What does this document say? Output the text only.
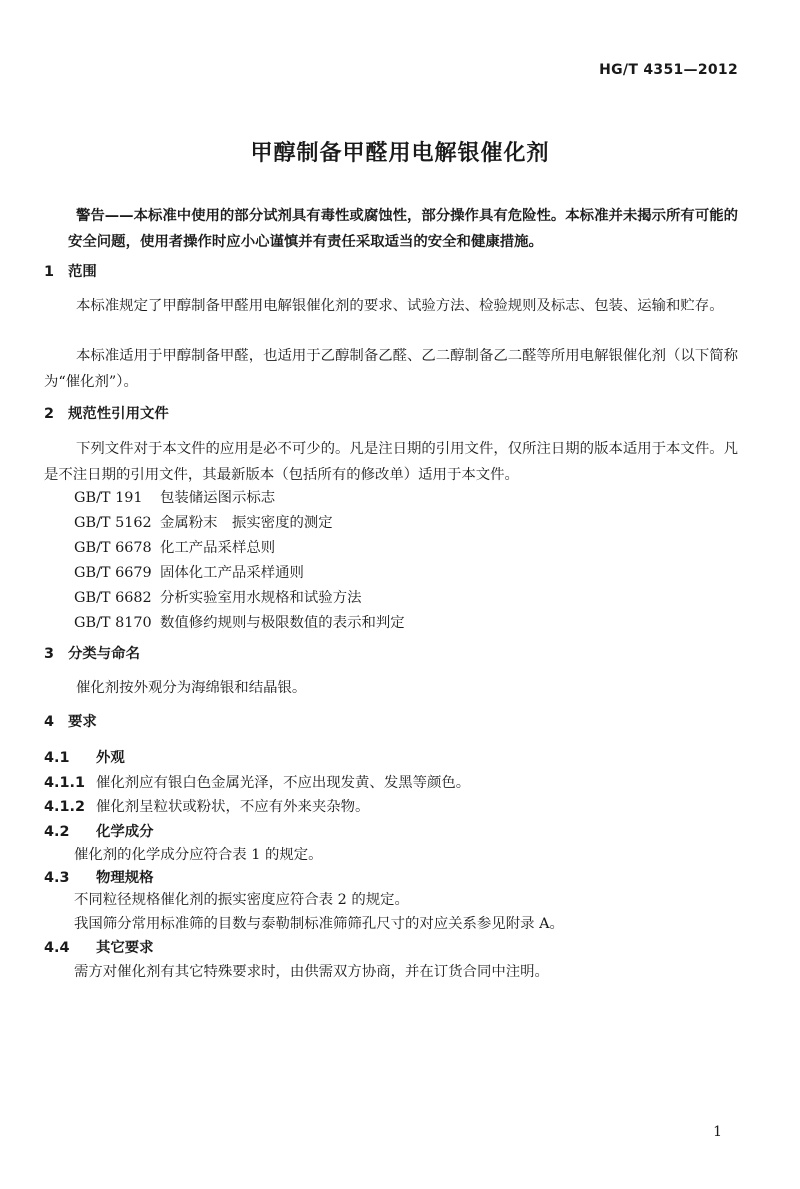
HG/T 4351—2012
甲醇制备甲醛用电解银催化剂
警告——本标准中使用的部分试剂具有毒性或腐蚀性，部分操作具有危险性。本标准并未揭示所有可能的安全问题，使用者操作时应小心谨慎并有责任采取适当的安全和健康措施。
1 范围
本标准规定了甲醇制备甲醛用电解银催化剂的要求、试验方法、检验规则及标志、包装、运输和贮存。
本标准适用于甲醇制备甲醛，也适用于乙醇制备乙醛、乙二醇制备乙二醛等所用电解银催化剂（以下简称为“催化剂”）。
2 规范性引用文件
下列文件对于本文件的应用是必不可少的。凡是注日期的引用文件，仅所注日期的版本适用于本文件。凡是不注日期的引用文件，其最新版本（包括所有的修改单）适用于本文件。
GB/T 191 包装储运图示标志
GB/T 5162 金属粉末　振实密度的测定
GB/T 6678 化工产品采样总则
GB/T 6679 固体化工产品采样通则
GB/T 6682 分析实验室用水规格和试验方法
GB/T 8170 数值修约规则与极限数值的表示和判定
3 分类与命名
催化剂按外观分为海绵银和结晶银。
4 要求
4.1 外观
4.1.1 催化剂应有银白色金属光泽，不应出现发黄、发黑等颜色。
4.1.2 催化剂呈粒状或粉状，不应有外来夹杂物。
4.2 化学成分
催化剂的化学成分应符合表 1 的规定。
4.3 物理规格
不同粒径规格催化剂的振实密度应符合表 2 的规定。
我国筛分常用标准筛的目数与泰勒制标准筛筛孔尺寸的对应关系参见附录 A。
4.4 其它要求
需方对催化剂有其它特殊要求时，由供需双方协商，并在订货合同中注明。
1
